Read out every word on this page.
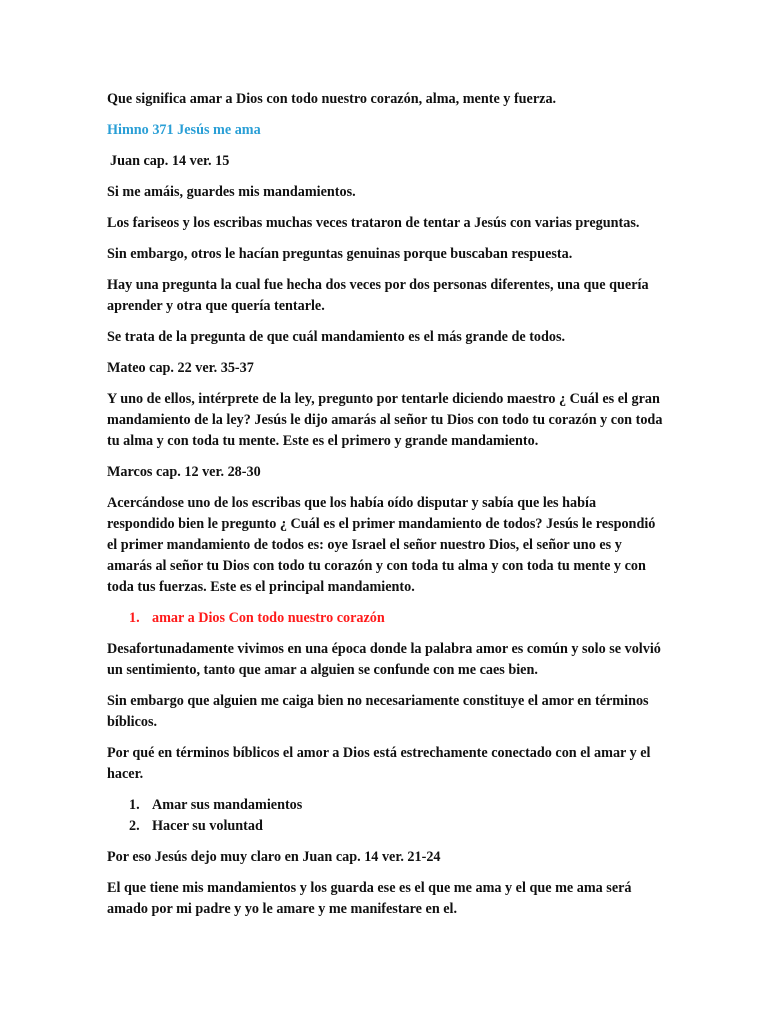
Que significa amar a Dios con todo nuestro corazón, alma, mente y fuerza.

Himno 371 Jesús me ama

Juan cap. 14 ver. 15

Si me amáis, guardes mis mandamientos.

Los fariseos y los escribas muchas veces trataron de tentar a Jesús con varias preguntas.

Sin embargo, otros le hacían preguntas genuinas porque buscaban respuesta.

Hay una pregunta la cual fue hecha dos veces por dos personas diferentes, una que quería aprender y otra que quería tentarle.

Se trata de la pregunta de que cuál mandamiento es el más grande de todos.

Mateo cap. 22 ver. 35-37

Y uno de ellos, intérprete de la ley, pregunto por tentarle diciendo maestro ¿ Cuál es el gran mandamiento de la ley? Jesús le dijo amarás al señor tu Dios con todo tu corazón y con toda tu alma y con toda tu mente. Este es el primero y grande mandamiento.

Marcos cap. 12 ver. 28-30

Acercándose uno de los escribas que los había oído disputar y sabía que les había respondido bien le pregunto ¿ Cuál es el primer mandamiento de todos? Jesús le respondió el primer mandamiento de todos es: oye Israel el señor nuestro Dios, el señor uno es y amarás al señor tu Dios con todo tu corazón y con toda tu alma y con toda tu mente y con toda tus fuerzas. Este es el principal mandamiento.

1. amar a Dios Con todo nuestro corazón

Desafortunadamente vivimos en una época donde la palabra amor es común y solo se volvió un sentimiento, tanto que amar a alguien se confunde con me caes bien.

Sin embargo que alguien me caiga bien no necesariamente constituye el amor en términos bíblicos.

Por qué en términos bíblicos el amor a Dios está estrechamente conectado con el amar y el hacer.

1. Amar sus mandamientos
2. Hacer su voluntad

Por eso Jesús dejo muy claro en Juan cap. 14 ver. 21-24

El que tiene mis mandamientos y los guarda ese es el que me ama y el que me ama será amado por mi padre y yo le amare y me manifestare en el.
